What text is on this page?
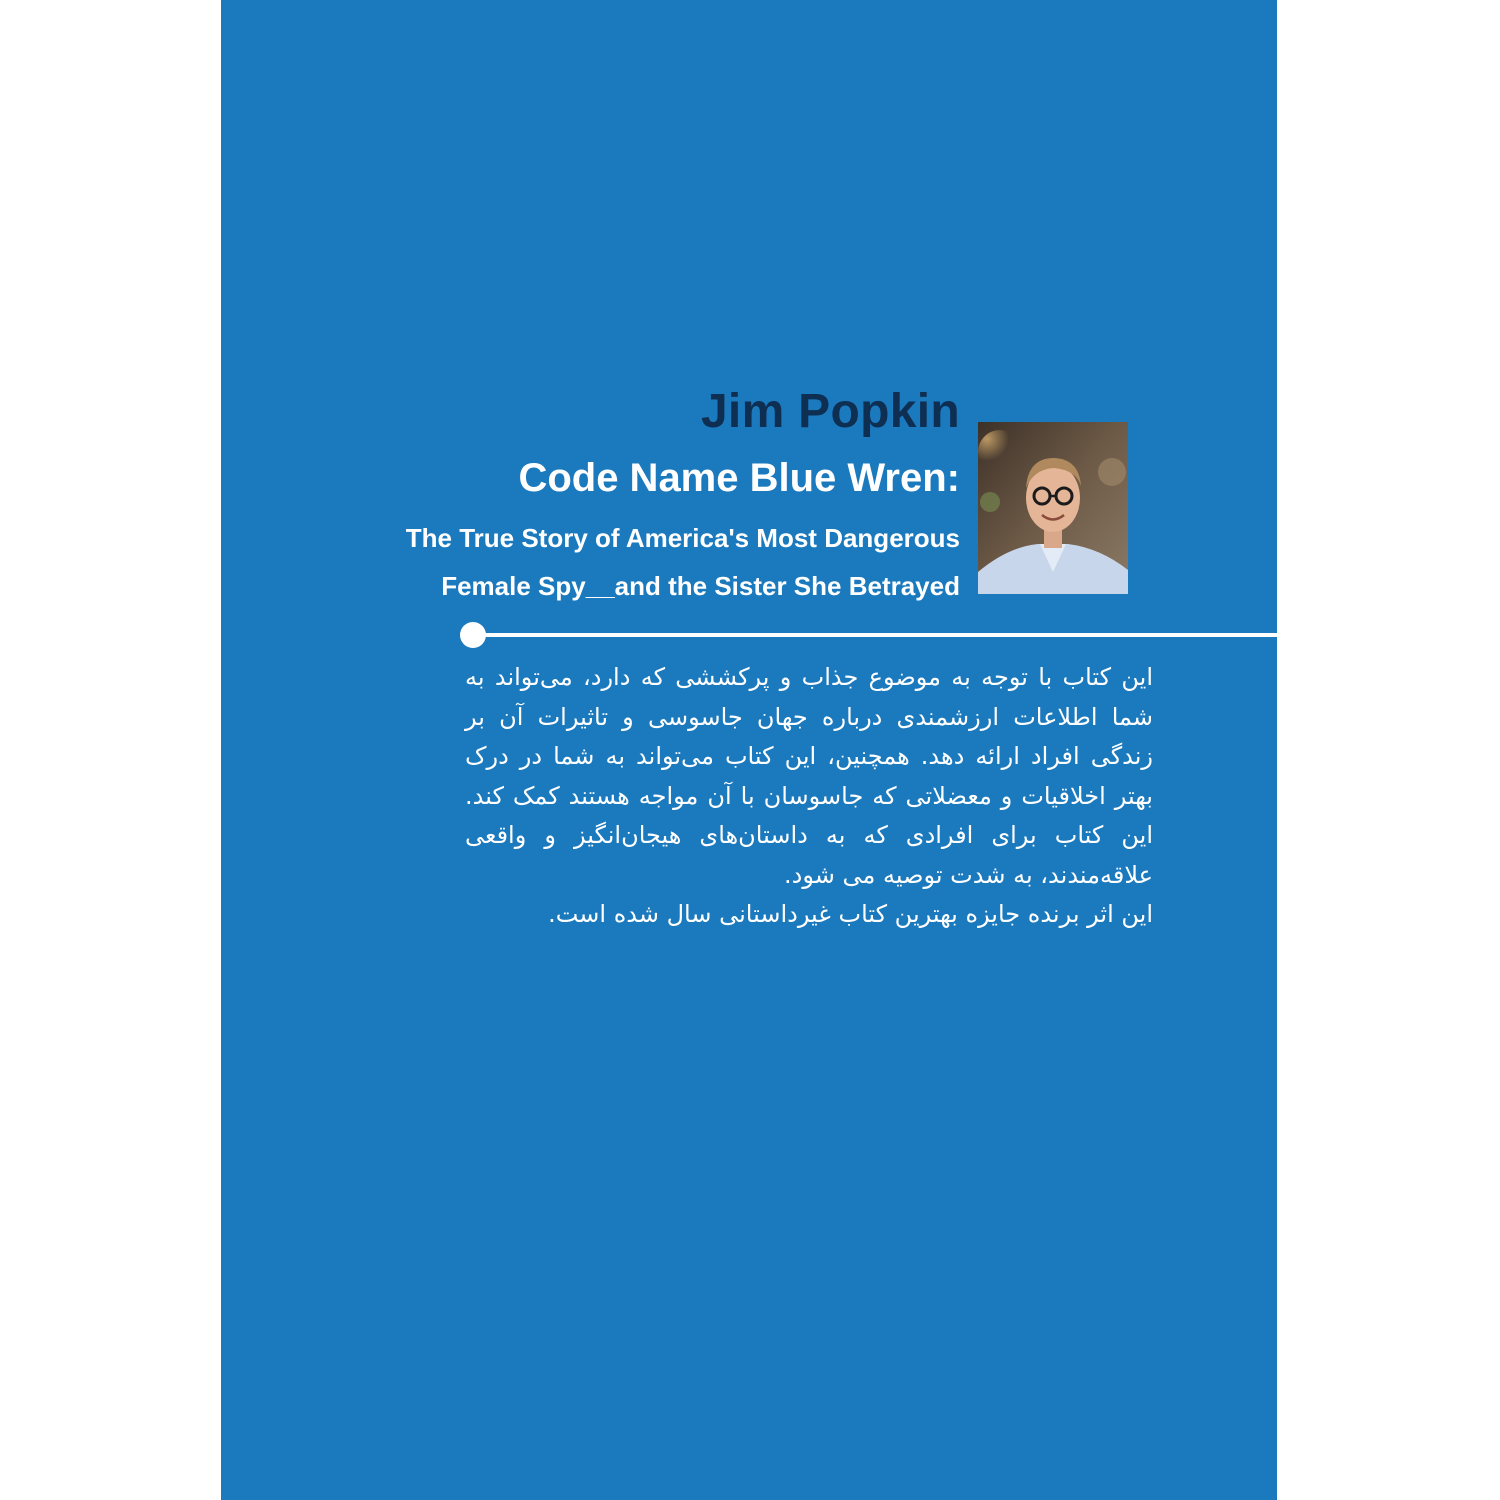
Jim Popkin
Code Name Blue Wren:
The True Story of America's Most Dangerous
Female Spy__and the Sister She Betrayed

این کتاب با توجه به موضوع جذاب و پرکششی که دارد، می‌تواند به شما اطلاعات ارزشمندی درباره جهان جاسوسی و تاثیرات آن بر زندگی افراد ارائه دهد. همچنین، این کتاب می‌تواند به شما در درک بهتر اخلاقیات و معضلاتی که جاسوسان با آن مواجه هستند کمک کند. این کتاب برای افرادی که به داستان‌های هیجان‌انگیز و واقعی علاقه‌مندند، به شدت توصیه می شود.

این اثر برنده جایزه بهترین کتاب غیرداستانی سال شده است.
